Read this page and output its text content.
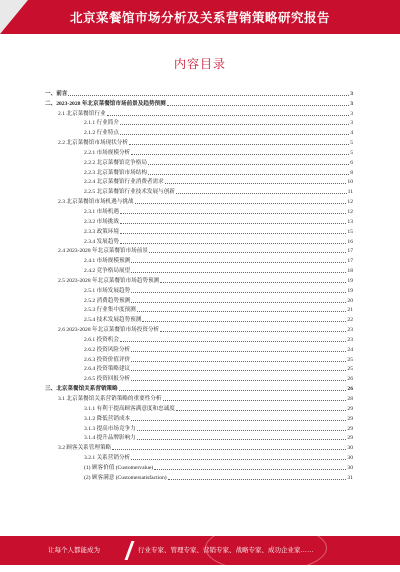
北京菜餐馆市场分析及关系营销策略研究报告
内容目录
一、前言	3
二、2023-2028 年北京菜餐馆市场前景及趋势预测	3
2.1 北京菜餐馆行业	3
2.1.1 行业简介	3
2.1.2 行业特点	4
2.2 北京菜餐馆市场现状分析	5
2.2.1 市场规模分析	5
2.2.2 北京菜餐馆竞争格局	6
2.2.3 北京菜餐馆市场结构	8
2.2.4 北京菜餐馆行业消费者需求	10
2.2.5 北京菜餐馆行业技术发展与创新	11
2.3 北京菜餐馆市场机遇与挑战	12
2.3.1 市场机遇	12
2.3.2 市场挑战	13
2.3.3 政策环境	15
2.3.4 发展趋势	16
2.4 2023-2028 年北京菜餐馆市场前景	17
2.4.1 市场规模预测	17
2.4.2 竞争格局展望	18
2.5 2023-2028 年北京菜餐馆市场趋势预测	19
2.5.1 市场发展趋势	19
2.5.2 消费趋势预测	20
2.5.3 行业集中度预测	21
2.5.4 技术发展趋势预测	22
2.6 2023-2028 年北京菜餐馆市场投资分析	23
2.6.1 投资机会	23
2.6.2 投资风险分析	24
2.6.3 投资价值评价	25
2.6.4 投资策略建议	25
2.6.5 投资回报分析	26
三、北京菜餐馆关系营销策略	26
3.1 北京菜餐馆关系营销策略的重要性分析	28
3.1.1 有利于提高顾客满意度和忠诚度	29
3.1.2 降低营销成本	29
3.1.3 提高市场竞争力	29
3.1.4 提升品牌影响力	29
3.2 顾客关系管理策略	30
3.2.1 关系营销分析	30
(1) 顾客价值 (Customervalue)	30
(2) 顾客满意 (Customersatisfaction)	31
让每个人都能成为	行业专家、管理专家、营销专家、战略专家、成功企业家……
